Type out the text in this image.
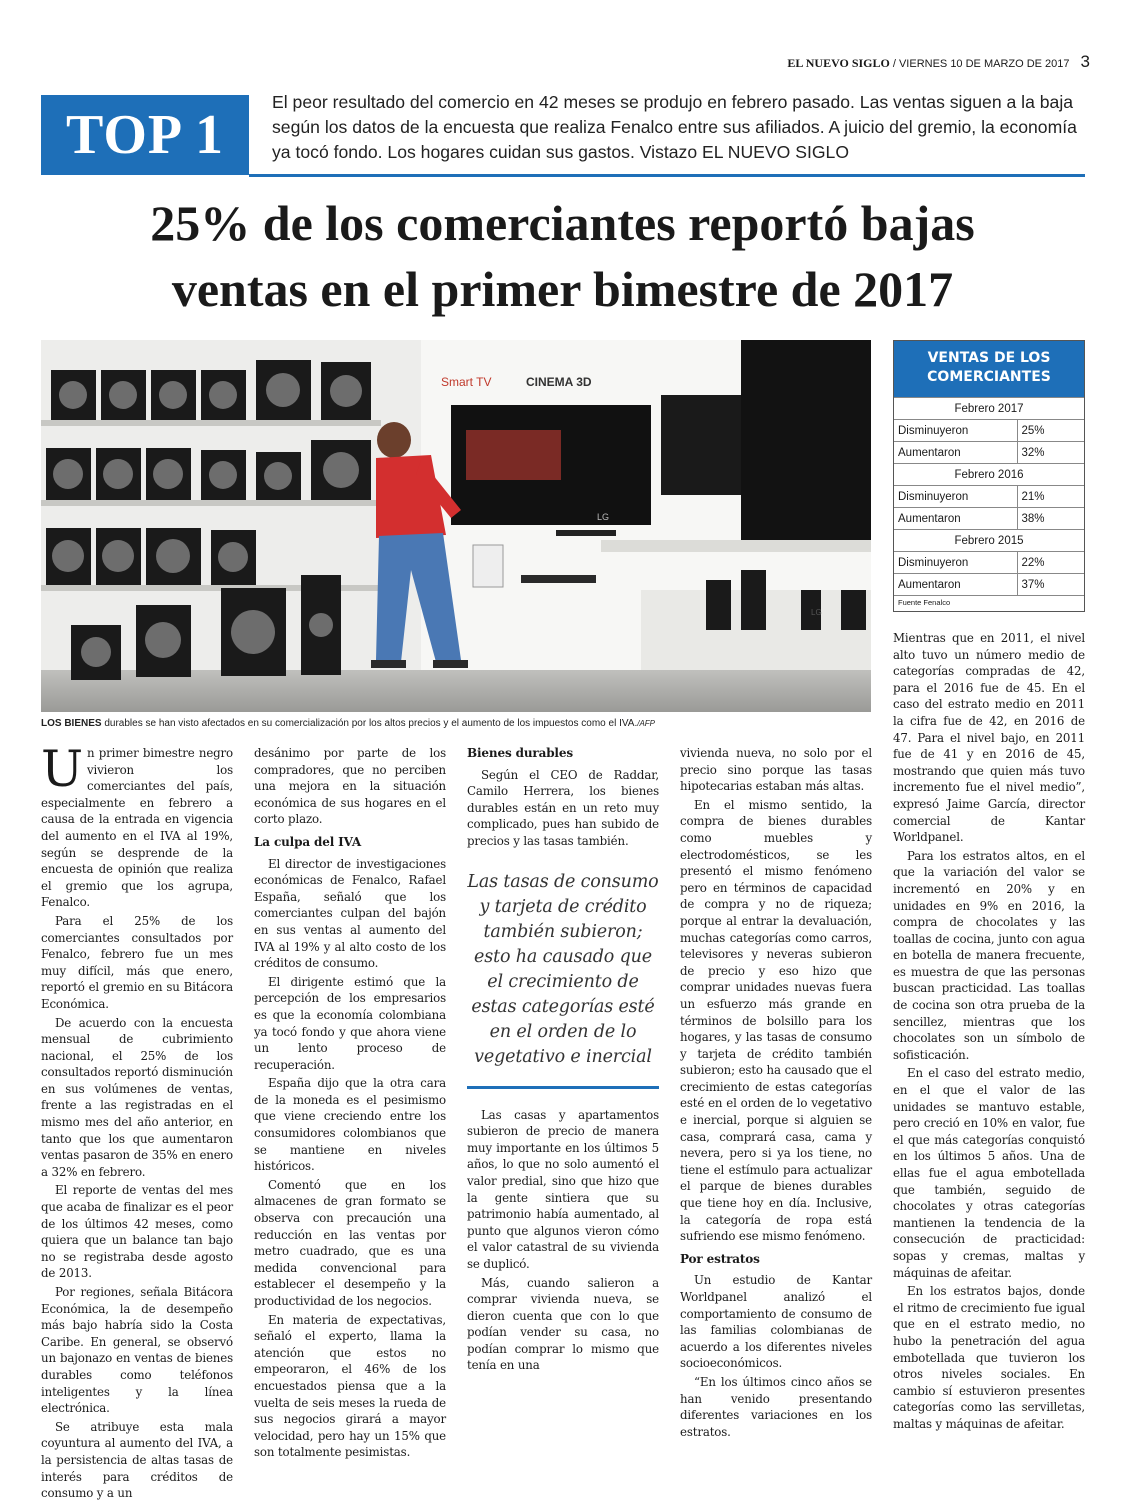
EL NUEVO SIGLO / VIERNES 10 DE MARZO DE 2017 3
TOP 1
El peor resultado del comercio en 42 meses se produjo en febrero pasado. Las ventas siguen a la baja según los datos de la encuesta que realiza Fenalco entre sus afiliados. A juicio del gremio, la economía ya tocó fondo. Los hogares cuidan sus gastos. Vistazo EL NUEVO SIGLO
25% de los comerciantes reportó bajas
ventas en el primer bimestre de 2017
Smart TV	CINEMA 3D
LG
LG
LOS BIENES durables se han visto afectados en su comercialización por los altos precios y el aumento de los impuestos como el IVA./AFP
VENTAS DE LOS COMERCIANTES
Febrero 2017	
Disminuyeron	25%
Aumentaron	32%
Febrero 2016	
Disminuyeron	21%
Aumentaron	38%
Febrero 2015	
Disminuyeron	22%
Aumentaron	37%
Fuente Fenalco	

Un primer bimestre negro vivieron los comerciantes del país, especialmente en febrero a causa de la entrada en vigencia del aumento en el IVA al 19%, según se desprende de la encuesta de opinión que realiza el gremio que los agrupa, Fenalco.

Para el 25% de los comerciantes consultados por Fenalco, febrero fue un mes muy difícil, más que enero, reportó el gremio en su Bitácora Económica.

De acuerdo con la encuesta mensual de cubrimiento nacional, el 25% de los consultados reportó disminución en sus volúmenes de ventas, frente a las registradas en el mismo mes del año anterior, en tanto que los que aumentaron ventas pasaron de 35% en enero a 32% en febrero.

El reporte de ventas del mes que acaba de finalizar es el peor de los últimos 42 meses, como quiera que un balance tan bajo no se registraba desde agosto de 2013.

Por regiones, señala Bitácora Económica, la de desempeño más bajo habría sido la Costa Caribe. En general, se observó un bajonazo en ventas de bienes durables como teléfonos inteligentes y la línea electrónica.

Se atribuye esta mala coyuntura al aumento del IVA, a la persistencia de altas tasas de interés para créditos de consumo y a un

desánimo por parte de los compradores, que no perciben una mejora en la situación económica de sus hogares en el corto plazo.

La culpa del IVA

El director de investigaciones económicas de Fenalco, Rafael España, señaló que los comerciantes culpan del bajón en sus ventas al aumento del IVA al 19% y al alto costo de los créditos de consumo.

El dirigente estimó que la percepción de los empresarios es que la economía colombiana ya tocó fondo y que ahora viene un lento proceso de recuperación.

España dijo que la otra cara de la moneda es el pesimismo que viene creciendo entre los consumidores colombianos que se mantiene en niveles históricos.

Comentó que en los almacenes de gran formato se observa con precaución una reducción en las ventas por metro cuadrado, que es una medida convencional para establecer el desempeño y la productividad de los negocios.

En materia de expectativas, señaló el experto, llama la atención que estos no empeoraron, el 46% de los encuestados piensa que a la vuelta de seis meses la rueda de sus negocios girará a mayor velocidad, pero hay un 15% que son totalmente pesimistas.

Bienes durables

Según el CEO de Raddar, Camilo Herrera, los bienes durables están en un reto muy complicado, pues han subido de precios y las tasas también.

Las tasas de consumo y tarjeta de crédito también subieron; esto ha causado que el crecimiento de estas categorías esté en el orden de lo vegetativo e inercial

Las casas y apartamentos subieron de precio de manera muy importante en los últimos 5 años, lo que no solo aumentó el valor predial, sino que hizo que la gente sintiera que su patrimonio había aumentado, al punto que algunos vieron cómo el valor catastral de su vivienda se duplicó.

Más, cuando salieron a comprar vivienda nueva, se dieron cuenta que con lo que podían vender su casa, no podían comprar lo mismo que tenía en una

vivienda nueva, no solo por el precio sino porque las tasas hipotecarias estaban más altas.

En el mismo sentido, la compra de bienes durables como muebles y electrodomésticos, se les presentó el mismo fenómeno pero en términos de capacidad de compra y no de riqueza; porque al entrar la devaluación, muchas categorías como carros, televisores y neveras subieron de precio y eso hizo que comprar unidades nuevas fuera un esfuerzo más grande en términos de bolsillo para los hogares, y las tasas de consumo y tarjeta de crédito también subieron; esto ha causado que el crecimiento de estas categorías esté en el orden de lo vegetativo e inercial, porque si alguien se casa, comprará casa, cama y nevera, pero si ya los tiene, no tiene el estímulo para actualizar el parque de bienes durables que tiene hoy en día. Inclusive, la categoría de ropa está sufriendo ese mismo fenómeno.

Por estratos

Un estudio de Kantar Worldpanel analizó el comportamiento de consumo de las familias colombianas de acuerdo a los diferentes niveles socioeconómicos.

“En los últimos cinco años se han venido presentando diferentes variaciones en los estratos.

Mientras que en 2011, el nivel alto tuvo un número medio de categorías compradas de 42, para el 2016 fue de 45. En el caso del estrato medio en 2011 la cifra fue de 42, en 2016 de 47. Para el nivel bajo, en 2011 fue de 41 y en 2016 de 45, mostrando que quien más tuvo incremento fue el nivel medio”, expresó Jaime García, director comercial de Kantar Worldpanel.

Para los estratos altos, en el que la variación del valor se incrementó en 20% y en unidades en 9% en 2016, la compra de chocolates y las toallas de cocina, junto con agua en botella de manera frecuente, es muestra de que las personas buscan practicidad. Las toallas de cocina son otra prueba de la sencillez, mientras que los chocolates son un símbolo de sofisticación.

En el caso del estrato medio, en el que el valor de las unidades se mantuvo estable, pero creció en 10% en valor, fue el que más categorías conquistó en los últimos 5 años. Una de ellas fue el agua embotellada que también, seguido de chocolates y otras categorías mantienen la tendencia de la consecución de practicidad: sopas y cremas, maltas y máquinas de afeitar.

En los estratos bajos, donde el ritmo de crecimiento fue igual que en el estrato medio, no hubo la penetración del agua embotellada que tuvieron los otros niveles sociales. En cambio sí estuvieron presentes categorías como las servilletas, maltas y máquinas de afeitar.
